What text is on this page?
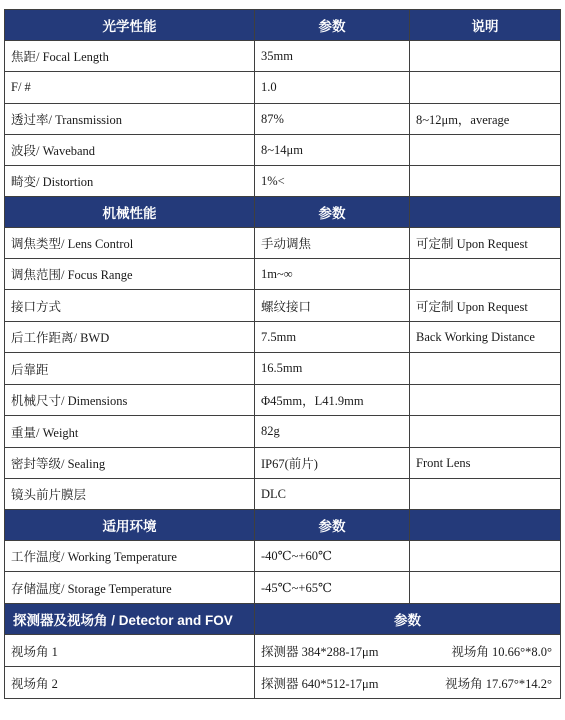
光学性能	参数	说明
焦距/ Focal Length	35mm	
F/ #	1.0	
透过率/ Transmission	87%	8~12μm，average
波段/ Waveband	8~14μm	
畸变/ Distortion	1%<	
机械性能	参数	
调焦类型/ Lens Control	手动调焦	可定制 Upon Request
调焦范围/ Focus Range	1m~∞	
接口方式	螺纹接口	可定制 Upon Request
后工作距离/ BWD	7.5mm	Back Working Distance
后靠距	16.5mm	
机械尺寸/ Dimensions	Φ45mm，L41.9mm	
重量/ Weight	82g	
密封等级/ Sealing	IP67(前片)	Front Lens
镜头前片膜层	DLC	
适用环境	参数	
工作温度/ Working Temperature	-40℃~+60℃	
存储温度/ Storage Temperature	-45℃~+65℃	
探测器及视场角 / Detector and FOV	参数	
视场角 1	探测器 384*288-17μm 视场角 10.66°*8.0°	

视场角 2	探测器 640*512-17μm 视场角 17.67°*14.2°	
